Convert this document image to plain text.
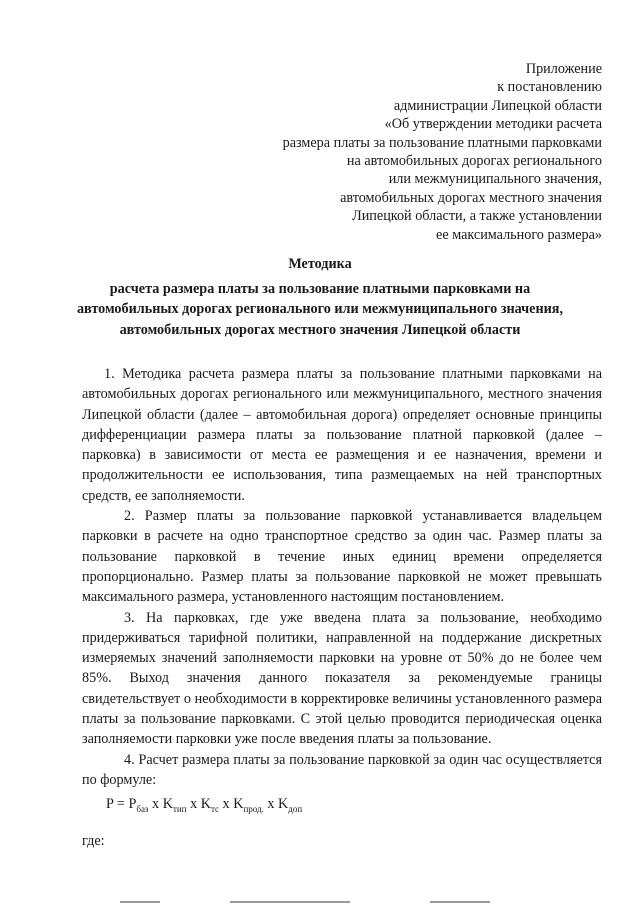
Приложение
к постановлению
администрации Липецкой области
«Об утверждении методики расчета
размера платы за пользование платными парковками
на автомобильных дорогах регионального
или межмуниципального значения,
автомобильных дорогах местного значения
Липецкой области, а также установлении
ее максимального размера»
Методика
расчета размера платы за пользование платными парковками на
автомобильных дорогах регионального или межмуниципального значения,
автомобильных дорогах местного значения Липецкой области

1. Методика расчета размера платы за пользование платными парковками на автомобильных дорогах регионального или межмуниципального, местного значения Липецкой области (далее – автомобильная дорога) определяет основные принципы дифференциации размера платы за пользование платной парковкой (далее – парковка) в зависимости от места ее размещения и ее назначения, времени и продолжительности ее использования, типа размещаемых на ней транспортных средств, ее заполняемости.

2. Размер платы за пользование парковкой устанавливается владельцем парковки в расчете на одно транспортное средство за один час. Размер платы за пользование парковкой в течение иных единиц времени определяется пропорционально. Размер платы за пользование парковкой не может превышать максимального размера, установленного настоящим постановлением.

3. На парковках, где уже введена плата за пользование, необходимо придерживаться тарифной политики, направленной на поддержание дискретных измеряемых значений заполняемости парковки на уровне от 50% до не более чем 85%. Выход значения данного показателя за рекомендуемые границы свидетельствует о необходимости в корректировке величины установленного размера платы за пользование парковками. С этой целью проводится периодическая оценка заполняемости парковки уже после введения платы за пользование.

4. Расчет размера платы за пользование парковкой за один час осуществляется по формуле:

$P = P_{баз}$ x $K_{тип}$ x $K_{тс}$ x $K_{прод.}$ x $K_{доп}$
где:
